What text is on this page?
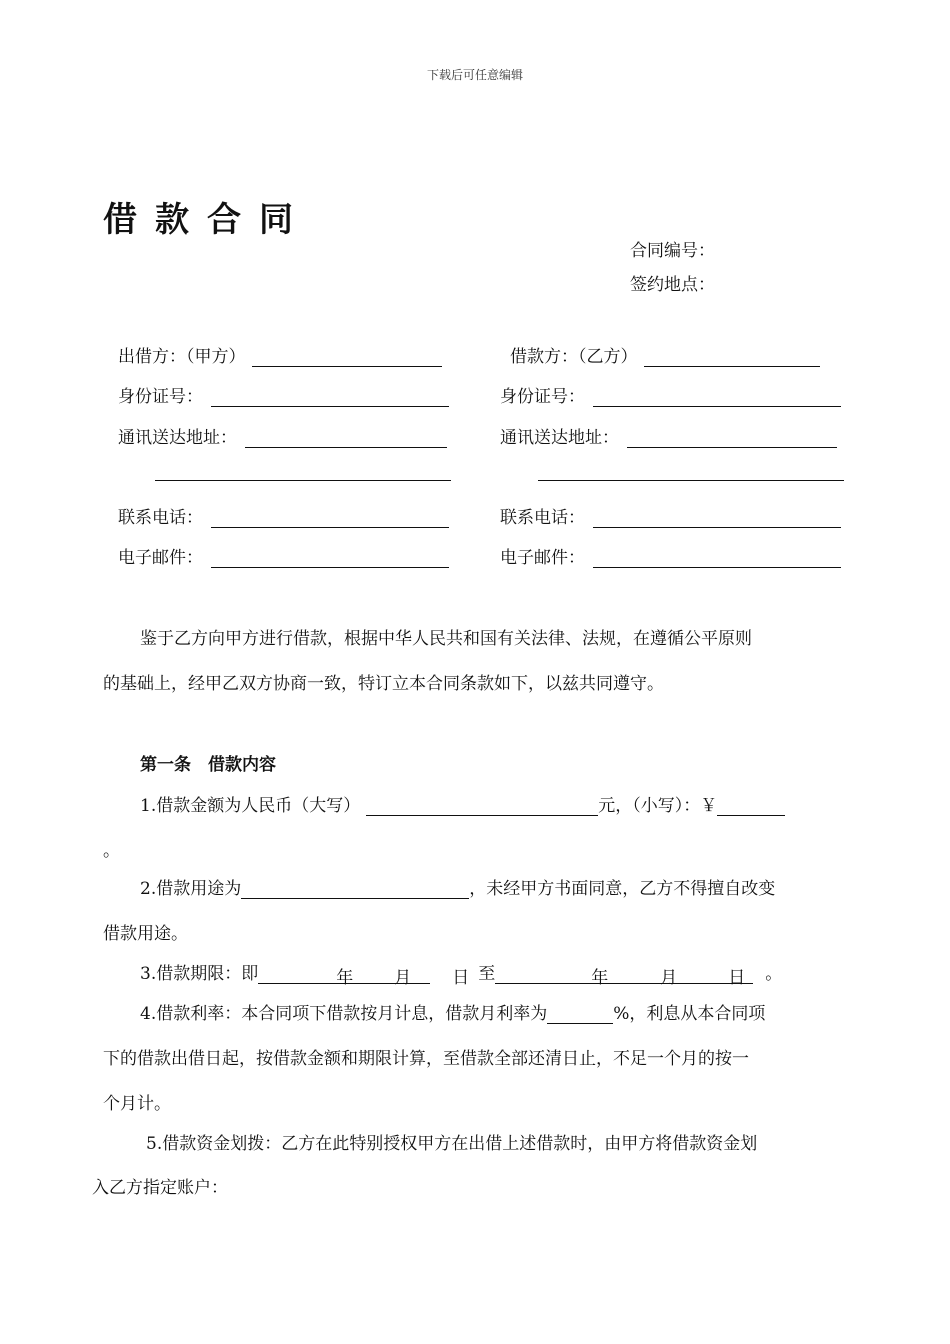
下载后可任意编辑
借款合同
合同编号：
签约地点：
出借方：（甲方）
身份证号：
通讯送达地址：
联系电话：
电子邮件：
借款方：（乙方）
身份证号：
通讯送达地址：
联系电话：
电子邮件：
鉴于乙方向甲方进行借款，根据中华人民共和国有关法律、法规，在遵循公平原则
的基础上，经甲乙双方协商一致，特订立本合同条款如下，以兹共同遵守。
第一条　借款内容
1.借款金额为人民币（大写）	元，（小写）：￥
。
2.借款用途为	，未经甲方书面同意，乙方不得擅自改变
借款用途。
3.借款期限：即	年 月 日 至	年	月	日 。
4.借款利率：本合同项下借款按月计息，借款月利率为	%，利息从本合同项
下的借款出借日起，按借款金额和期限计算，至借款全部还清日止，不足一个月的按一
个月计。
5.借款资金划拨：乙方在此特别授权甲方在出借上述借款时，由甲方将借款资金划
入乙方指定账户：
